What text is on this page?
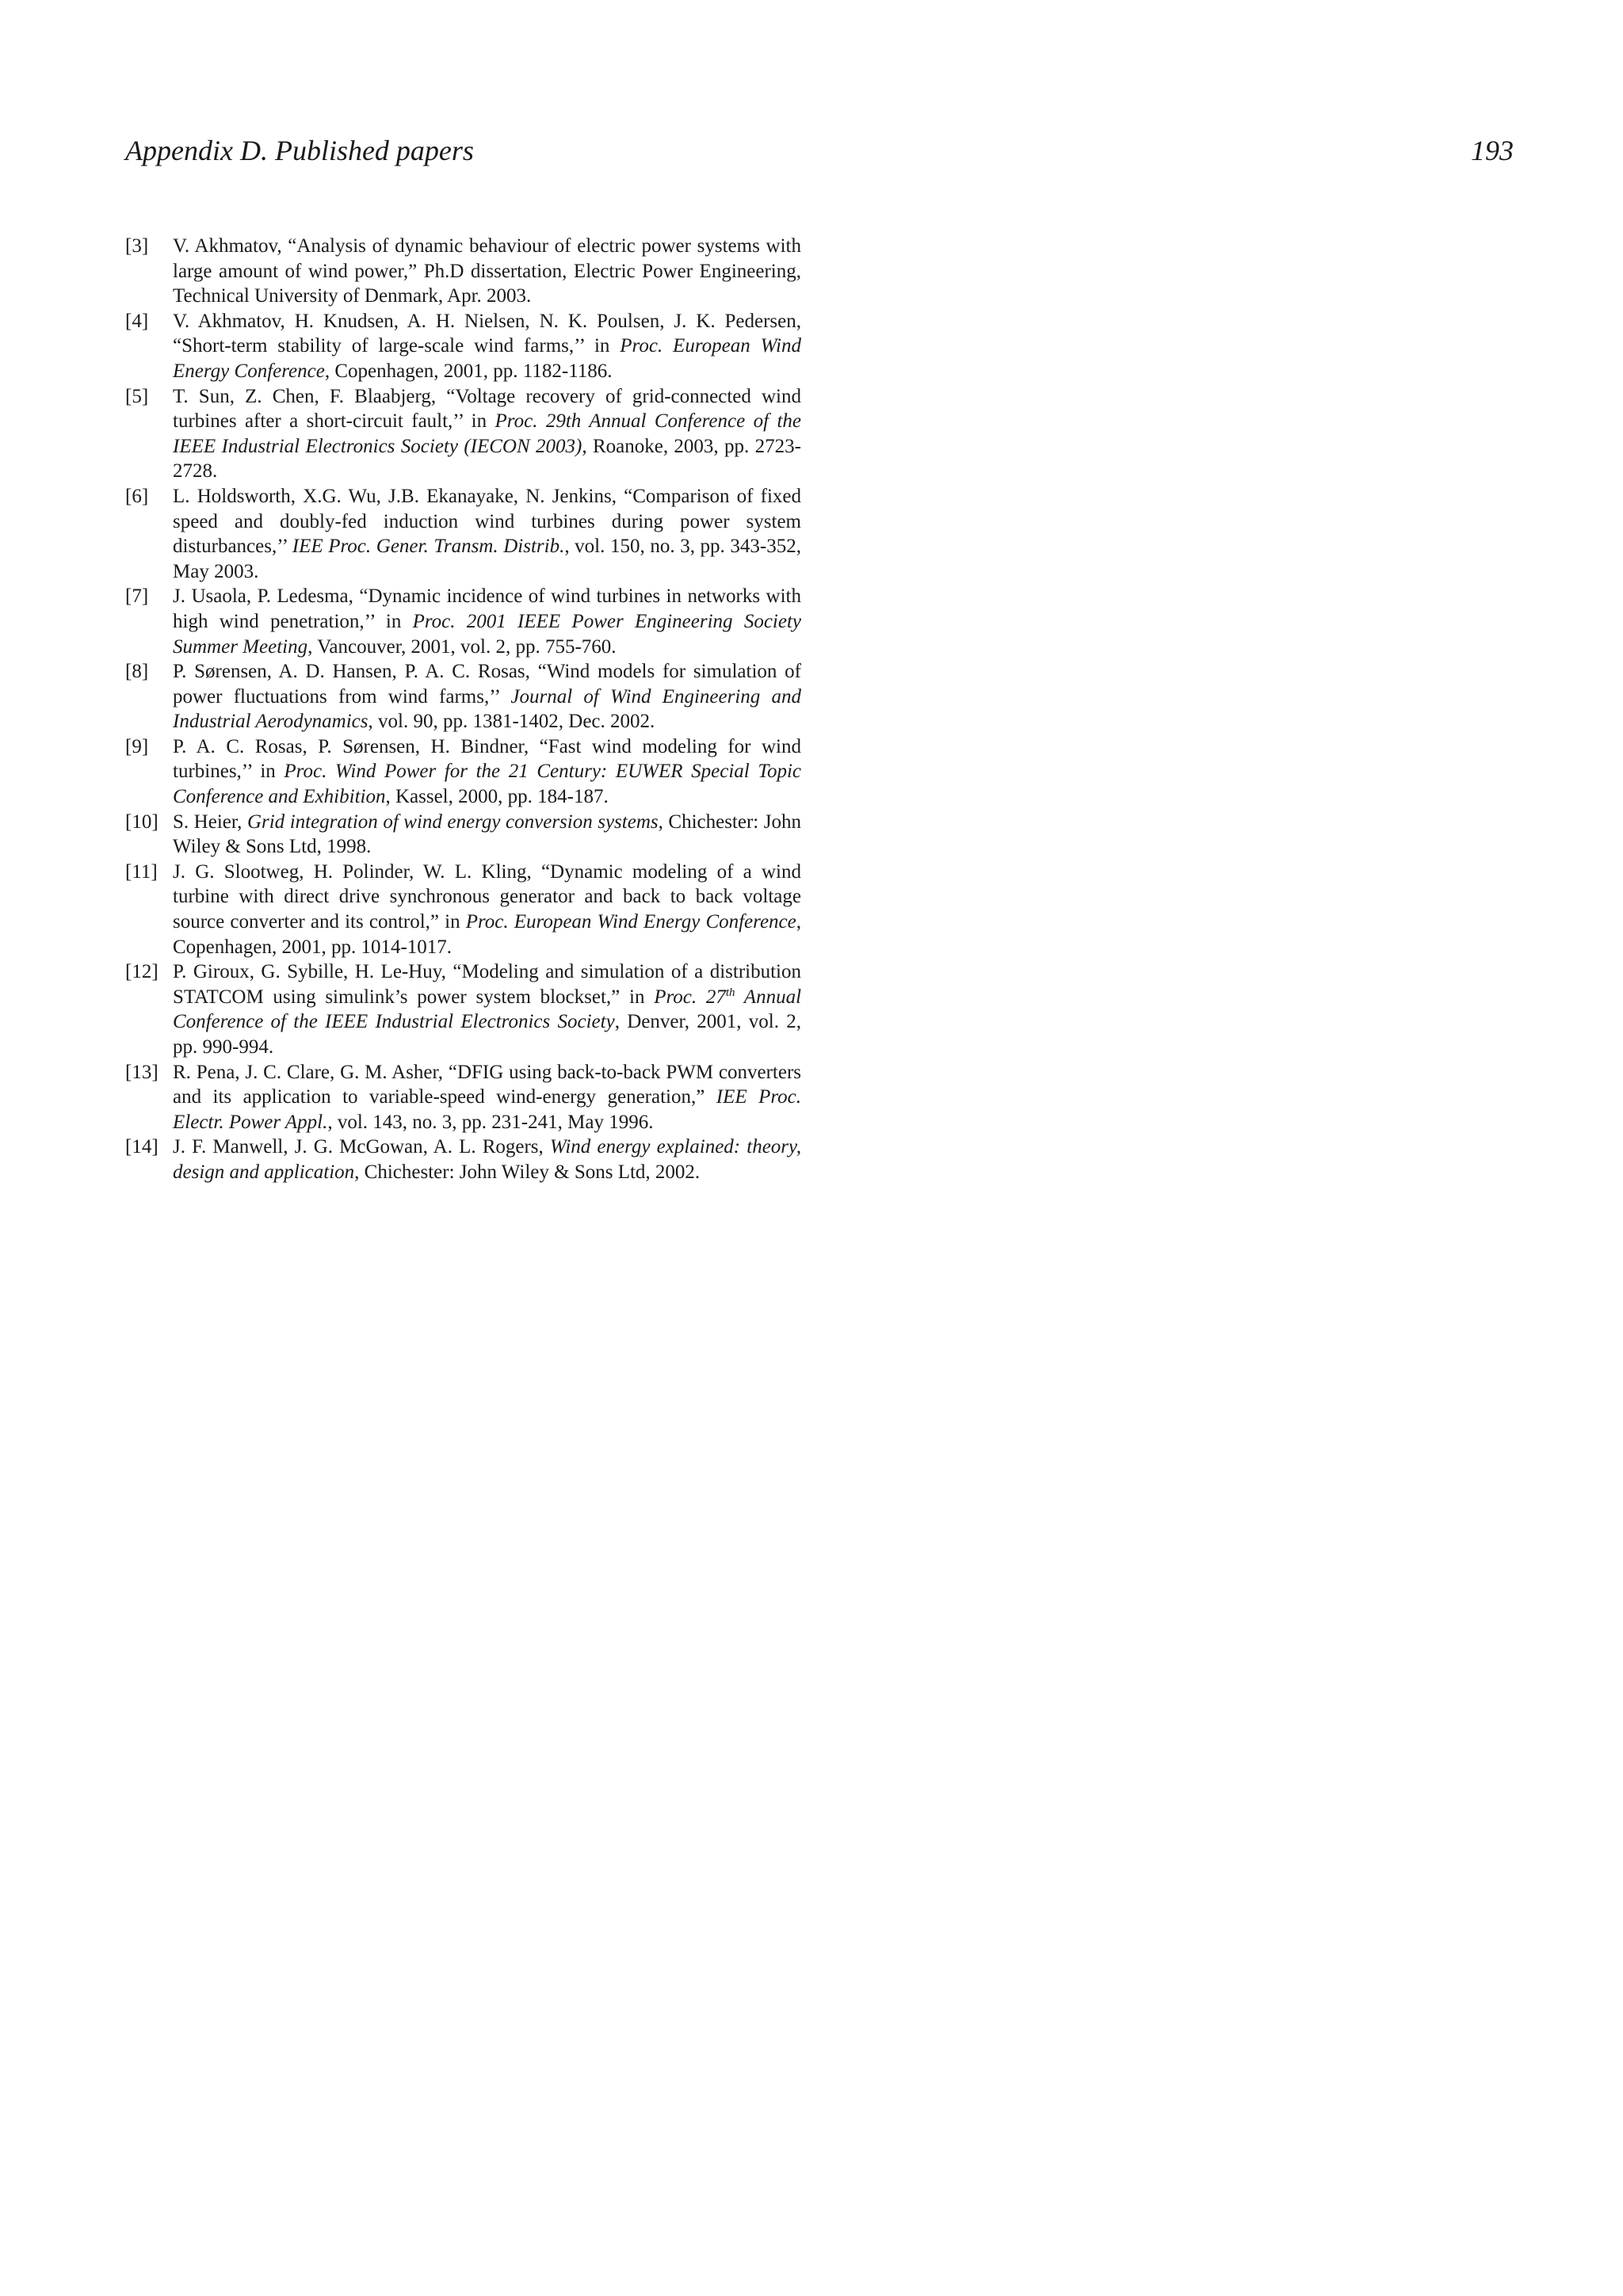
Appendix D. Published papers	193
[3] V. Akhmatov, “Analysis of dynamic behaviour of electric power systems with large amount of wind power,” Ph.D dissertation, Electric Power Engineering, Technical University of Denmark, Apr. 2003.
[4] V. Akhmatov, H. Knudsen, A. H. Nielsen, N. K. Poulsen, J. K. Pedersen, “Short-term stability of large-scale wind farms,’’ in Proc. European Wind Energy Conference, Copenhagen, 2001, pp. 1182-1186.
[5] T. Sun, Z. Chen, F. Blaabjerg, “Voltage recovery of grid-connected wind turbines after a short-circuit fault,’’ in Proc. 29th Annual Conference of the IEEE Industrial Electronics Society (IECON 2003), Roanoke, 2003, pp. 2723-2728.
[6] L. Holdsworth, X.G. Wu, J.B. Ekanayake, N. Jenkins, “Comparison of fixed speed and doubly-fed induction wind turbines during power system disturbances,’’ IEE Proc. Gener. Transm. Distrib., vol. 150, no. 3, pp. 343-352, May 2003.
[7] J. Usaola, P. Ledesma, “Dynamic incidence of wind turbines in networks with high wind penetration,’’ in Proc. 2001 IEEE Power Engineering Society Summer Meeting, Vancouver, 2001, vol. 2, pp. 755-760.
[8] P. Sørensen, A. D. Hansen, P. A. C. Rosas, “Wind models for simulation of power fluctuations from wind farms,’’ Journal of Wind Engineering and Industrial Aerodynamics, vol. 90, pp. 1381-1402, Dec. 2002.
[9] P. A. C. Rosas, P. Sørensen, H. Bindner, “Fast wind modeling for wind turbines,’’ in Proc. Wind Power for the 21 Century: EUWER Special Topic Conference and Exhibition, Kassel, 2000, pp. 184-187.
[10] S. Heier, Grid integration of wind energy conversion systems, Chichester: John Wiley & Sons Ltd, 1998.
[11] J. G. Slootweg, H. Polinder, W. L. Kling, “Dynamic modeling of a wind turbine with direct drive synchronous generator and back to back voltage source converter and its control,” in Proc. European Wind Energy Conference, Copenhagen, 2001, pp. 1014-1017.
[12] P. Giroux, G. Sybille, H. Le-Huy, “Modeling and simulation of a distribution STATCOM using simulink’s power system blockset,” in Proc. 27th Annual Conference of the IEEE Industrial Electronics Society, Denver, 2001, vol. 2, pp. 990-994.
[13] R. Pena, J. C. Clare, G. M. Asher, “DFIG using back-to-back PWM converters and its application to variable-speed wind-energy generation,” IEE Proc. Electr. Power Appl., vol. 143, no. 3, pp. 231-241, May 1996.
[14] J. F. Manwell, J. G. McGowan, A. L. Rogers, Wind energy explained: theory, design and application, Chichester: John Wiley & Sons Ltd, 2002.
